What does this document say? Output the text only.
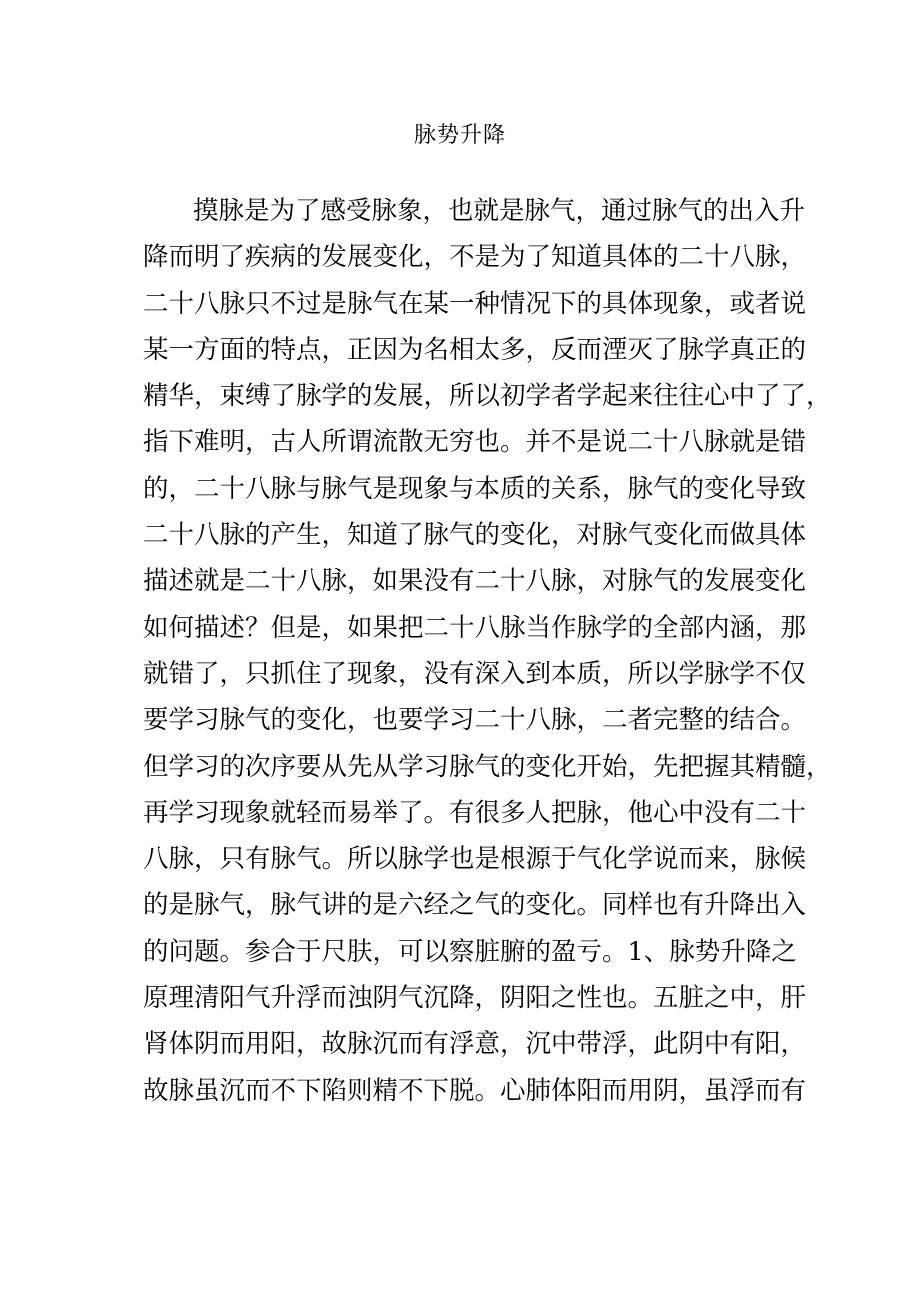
脉势升降
摸脉是为了感受脉象，也就是脉气，通过脉气的出入升
降而明了疾病的发展变化，不是为了知道具体的二十八脉，
二十八脉只不过是脉气在某一种情况下的具体现象，或者说
某一方面的特点，正因为名相太多，反而湮灭了脉学真正的
精华，束缚了脉学的发展，所以初学者学起来往往心中了了，
指下难明，古人所谓流散无穷也。并不是说二十八脉就是错
的，二十八脉与脉气是现象与本质的关系，脉气的变化导致
二十八脉的产生，知道了脉气的变化，对脉气变化而做具体
描述就是二十八脉，如果没有二十八脉，对脉气的发展变化
如何描述？但是，如果把二十八脉当作脉学的全部内涵，那
就错了，只抓住了现象，没有深入到本质，所以学脉学不仅
要学习脉气的变化，也要学习二十八脉，二者完整的结合。
但学习的次序要从先从学习脉气的变化开始，先把握其精髓，
再学习现象就轻而易举了。有很多人把脉，他心中没有二十
八脉，只有脉气。所以脉学也是根源于气化学说而来，脉候
的是脉气，脉气讲的是六经之气的变化。同样也有升降出入
的问题。参合于尺肤，可以察脏腑的盈亏。1、脉势升降之
原理清阳气升浮而浊阴气沉降，阴阳之性也。五脏之中，肝
肾体阴而用阳，故脉沉而有浮意，沉中带浮，此阴中有阳，
故脉虽沉而不下陷则精不下脱。心肺体阳而用阴，虽浮而有
